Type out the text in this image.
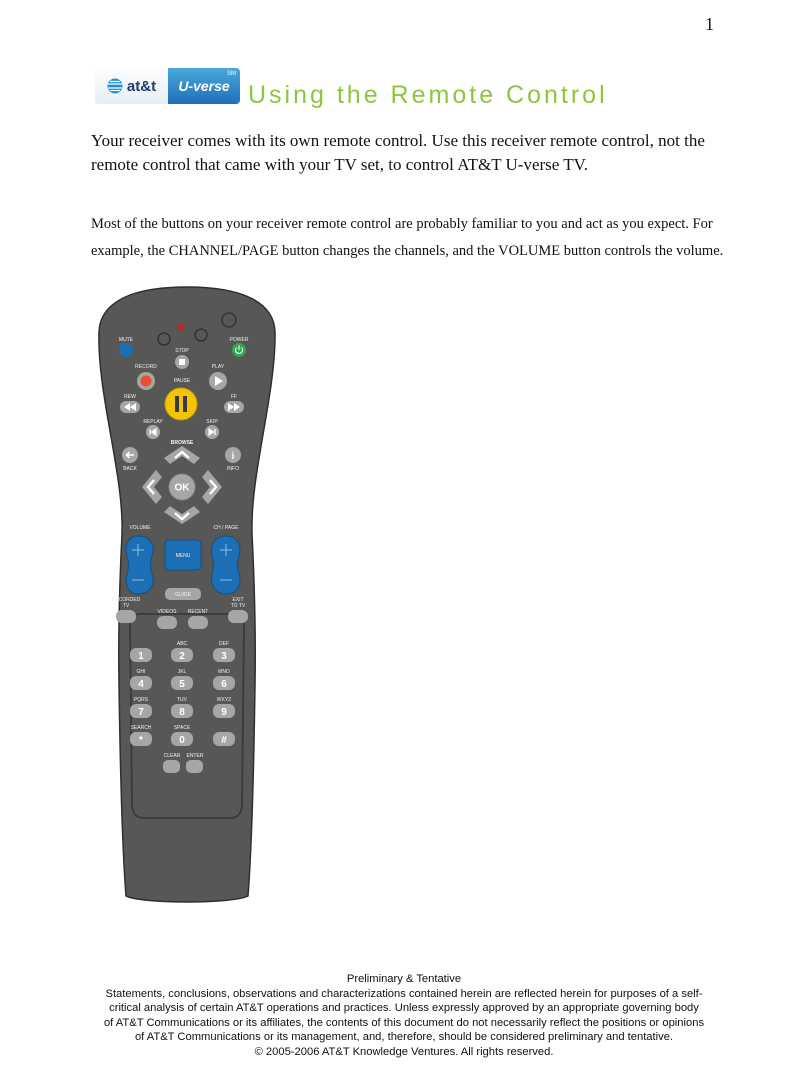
1
at&t U-verse
SM
Using the Remote Control

Your receiver comes with its own remote control. Use this receiver remote control, not the remote control that came with your TV set, to control AT&T U-verse TV.

Most of the buttons on your receiver remote control are probably familiar to you and act as you expect. For example, the CHANNEL/PAGE button changes the channels, and the VOLUME button controls the volume.

MUTE	POWER
STOP
RECORD	PLAY
PAUSE
REW	FF
REPLAY	SKIP
BROWSE
BACK	INFO
i
OK
VOLUME	CH / PAGE
MENU
GUIDE
RECORDED
TV
VIDEOS RECENT
EXIT
TO TV
ABC	DEF
1	2	3
GHI	JKL	MNO
4	5	6
PQRS	TUV	WXYZ
7	8	9
SEARCH	SPACE
*	0	#
CLEAR ENTER
Preliminary & Tentative
Statements, conclusions, observations and characterizations contained herein are reflected herein for purposes of a self-
critical analysis of certain AT&T operations and practices. Unless expressly approved by an appropriate governing body
of AT&T Communications or its affiliates, the contents of this document do not necessarily reflect the positions or opinions
of AT&T Communications or its management, and, therefore, should be considered preliminary and tentative.
© 2005-2006 AT&T Knowledge Ventures. All rights reserved.
